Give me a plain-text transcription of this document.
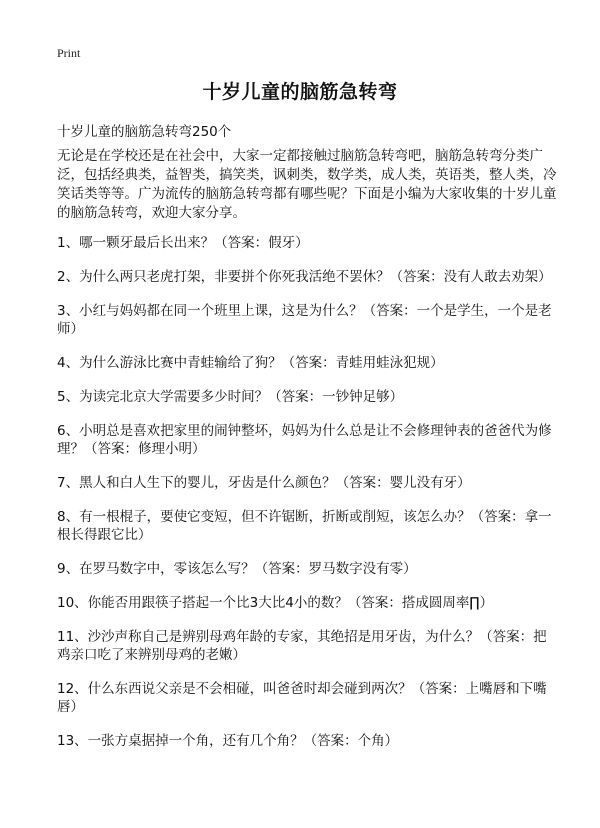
Print
十岁儿童的脑筋急转弯

十岁儿童的脑筋急转弯250个

无论是在学校还是在社会中，大家一定都接触过脑筋急转弯吧，脑筋急转弯分类广泛，包括经典类，益智类，搞笑类，讽刺类，数学类，成人类，英语类，整人类，冷笑话类等等。广为流传的脑筋急转弯都有哪些呢？下面是小编为大家收集的十岁儿童的脑筋急转弯，欢迎大家分享。

1、哪一颗牙最后长出来？（答案：假牙）
2、为什么两只老虎打架，非要拼个你死我活绝不罢休？（答案：没有人敢去劝架）
3、小红与妈妈都在同一个班里上课，这是为什么？（答案：一个是学生，一个是老师）
4、为什么游泳比赛中青蛙输给了狗？（答案：青蛙用蛙泳犯规）
5、为读完北京大学需要多少时间？（答案：一钞钟足够）
6、小明总是喜欢把家里的闹钟整坏，妈妈为什么总是让不会修理钟表的爸爸代为修理？（答案：修理小明）
7、黑人和白人生下的婴儿，牙齿是什么颜色？（答案：婴儿没有牙）
8、有一根棍子，要使它变短，但不许锯断，折断或削短，该怎么办？（答案：拿一根长得跟它比）
9、在罗马数字中，零该怎么写？（答案：罗马数字没有零）
10、你能否用跟筷子搭起一个比3大比4小的数？（答案：搭成圆周率∏）
11、沙沙声称自己是辨别母鸡年龄的专家，其绝招是用牙齿，为什么？（答案：把鸡亲口吃了来辨别母鸡的老嫩）
12、什么东西说父亲是不会相碰，叫爸爸时却会碰到两次？（答案：上嘴唇和下嘴唇）
13、一张方桌据掉一个角，还有几个角？（答案：个角）
